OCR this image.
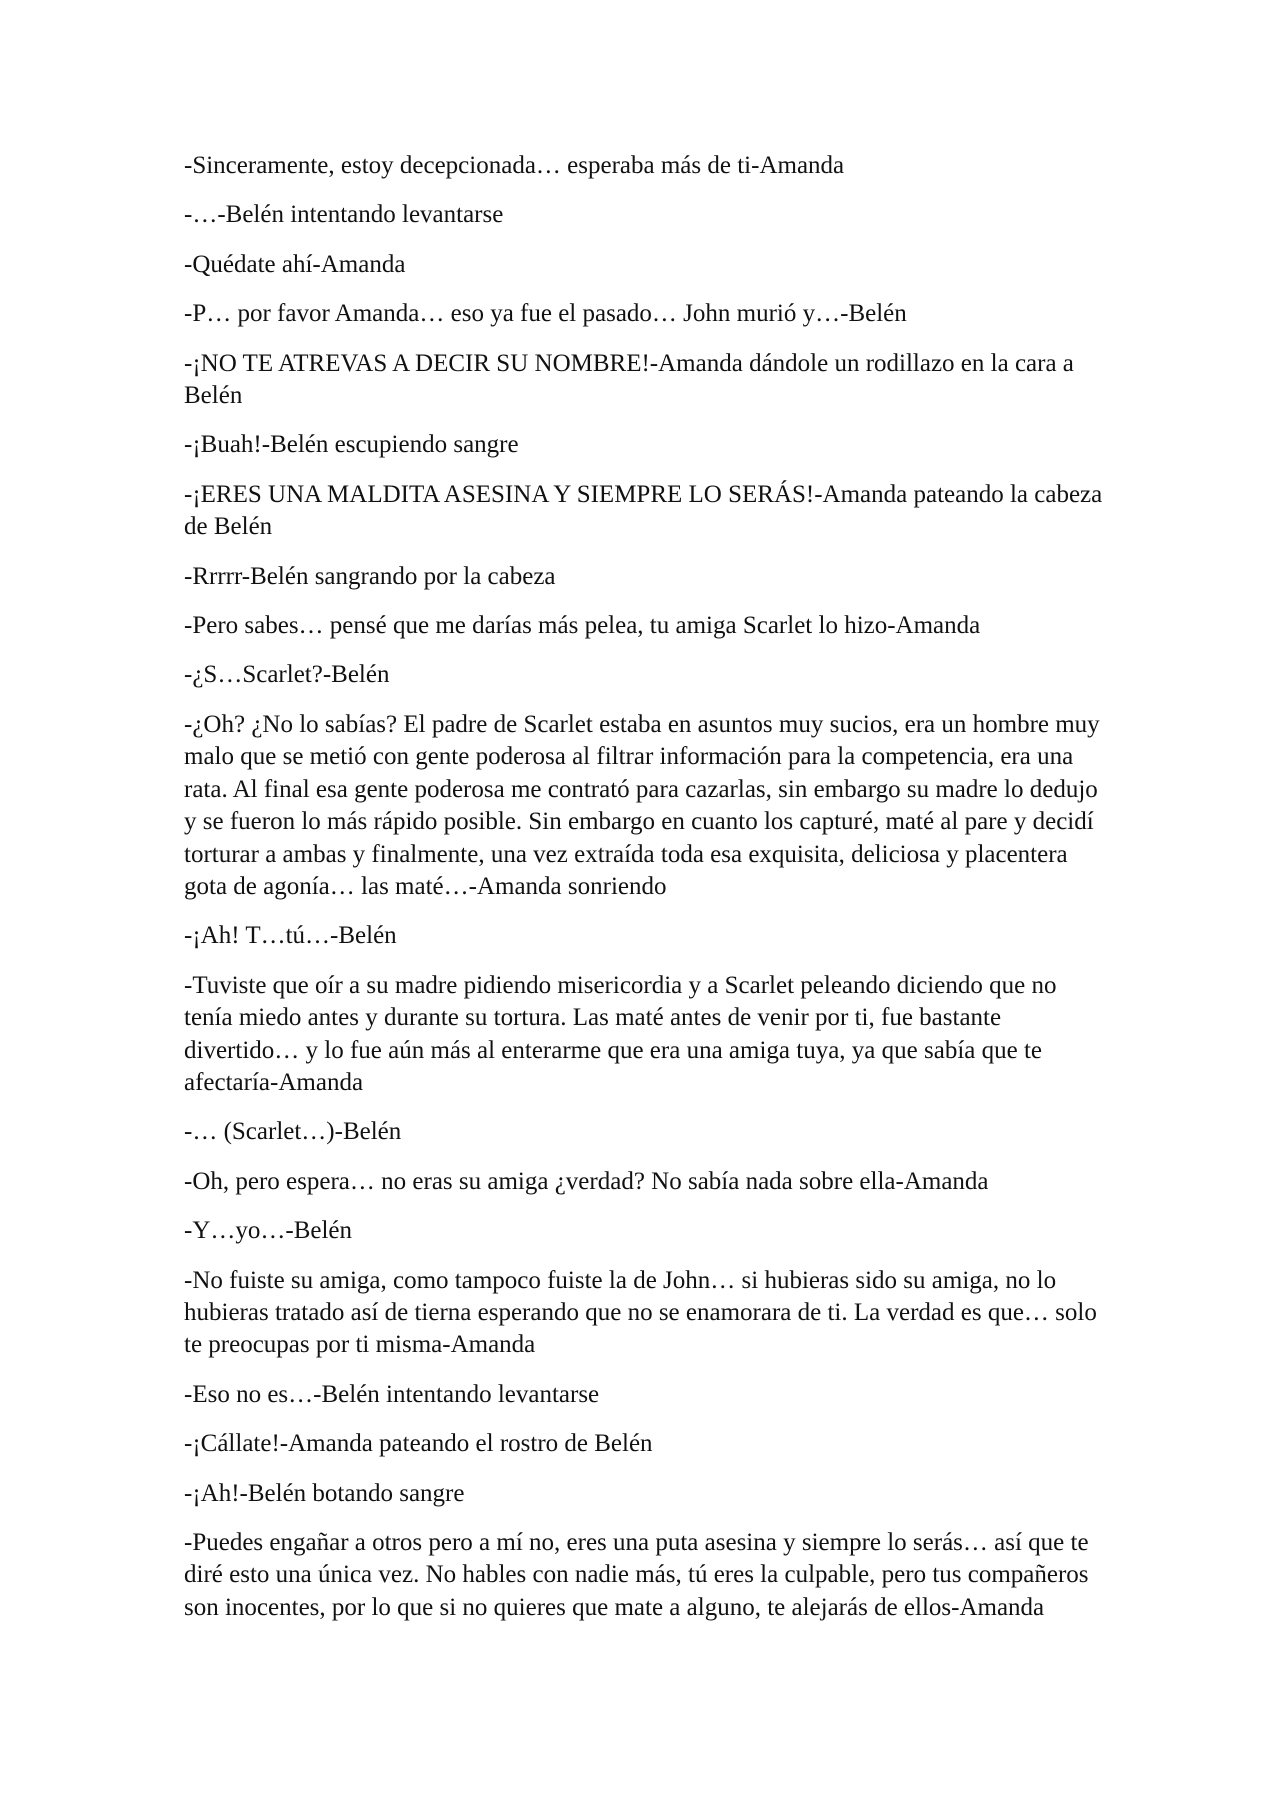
-Sinceramente, estoy decepcionada… esperaba más de ti-Amanda

-…-Belén intentando levantarse

-Quédate ahí-Amanda

-P… por favor Amanda… eso ya fue el pasado… John murió y…-Belén

-¡NO TE ATREVAS A DECIR SU NOMBRE!-Amanda dándole un rodillazo en la cara a Belén

-¡Buah!-Belén escupiendo sangre

-¡ERES UNA MALDITA ASESINA Y SIEMPRE LO SERÁS!-Amanda pateando la cabeza de Belén

-Rrrrr-Belén sangrando por la cabeza

-Pero sabes… pensé que me darías más pelea, tu amiga Scarlet lo hizo-Amanda

-¿S…Scarlet?-Belén

-¿Oh? ¿No lo sabías? El padre de Scarlet estaba en asuntos muy sucios, era un hombre muy malo que se metió con gente poderosa al filtrar información para la competencia, era una rata. Al final esa gente poderosa me contrató para cazarlas, sin embargo su madre lo dedujo y se fueron lo más rápido posible. Sin embargo en cuanto los capturé, maté al pare y decidí torturar a ambas y finalmente, una vez extraída toda esa exquisita, deliciosa y placentera gota de agonía… las maté…-Amanda sonriendo

-¡Ah! T…tú…-Belén

-Tuviste que oír a su madre pidiendo misericordia y a Scarlet peleando diciendo que no tenía miedo antes y durante su tortura. Las maté antes de venir por ti, fue bastante divertido… y lo fue aún más al enterarme que era una amiga tuya, ya que sabía que te afectaría-Amanda

-… (Scarlet…)-Belén

-Oh, pero espera… no eras su amiga ¿verdad? No sabía nada sobre ella-Amanda

-Y…yo…-Belén

-No fuiste su amiga, como tampoco fuiste la de John… si hubieras sido su amiga, no lo hubieras tratado así de tierna esperando que no se enamorara de ti. La verdad es que… solo te preocupas por ti misma-Amanda

-Eso no es…-Belén intentando levantarse

-¡Cállate!-Amanda pateando el rostro de Belén

-¡Ah!-Belén botando sangre

-Puedes engañar a otros pero a mí no, eres una puta asesina y siempre lo serás… así que te diré esto una única vez. No hables con nadie más, tú eres la culpable, pero tus compañeros son inocentes, por lo que si no quieres que mate a alguno, te alejarás de ellos-Amanda
